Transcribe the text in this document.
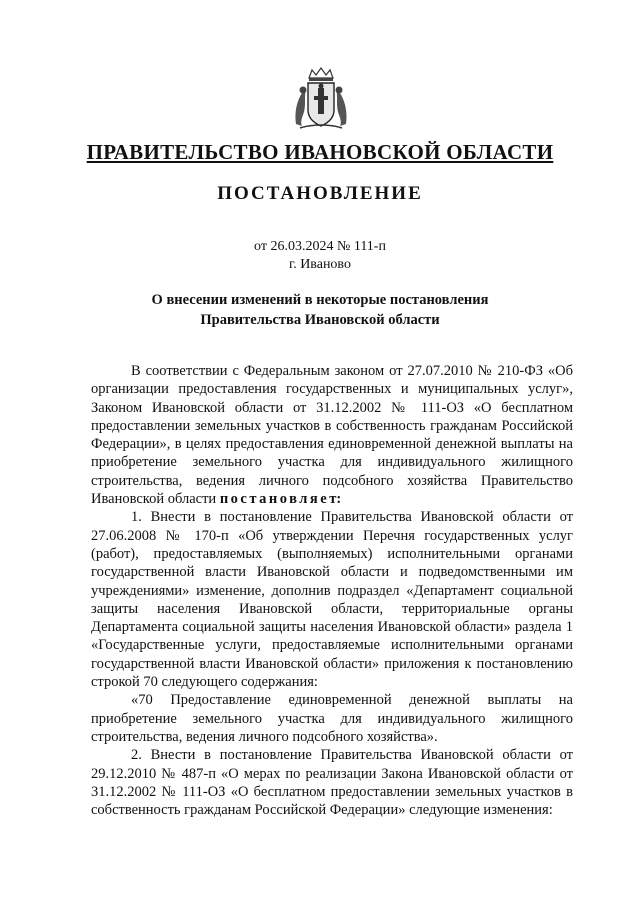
ПРАВИТЕЛЬСТВО ИВАНОВСКОЙ ОБЛАСТИ
ПОСТАНОВЛЕНИЕ
от 26.03.2024 № 111-п
г. Иваново
О внесении изменений в некоторые постановления
Правительства Ивановской области

В соответствии с Федеральным законом от 27.07.2010 № 210-ФЗ «Об организации предоставления государственных и муниципальных услуг», Законом Ивановской области от 31.12.2002 № 111-ОЗ «О бесплатном предоставлении земельных участков в собственность гражданам Российской Федерации», в целях предоставления единовременной денежной выплаты на приобретение земельного участка для индивидуального жилищного строительства, ведения личного подсобного хозяйства Правительство Ивановской области постановляет:

1. Внести в постановление Правительства Ивановской области от 27.06.2008 № 170-п «Об утверждении Перечня государственных услуг (работ), предоставляемых (выполняемых) исполнительными органами государственной власти Ивановской области и подведомственными им учреждениями» изменение, дополнив подраздел «Департамент социальной защиты населения Ивановской области, территориальные органы Департамента социальной защиты населения Ивановской области» раздела 1 «Государственные услуги, предоставляемые исполнительными органами государственной власти Ивановской области» приложения к постановлению строкой 70 следующего содержания:

«70 Предоставление единовременной денежной выплаты на приобретение земельного участка для индивидуального жилищного строительства, ведения личного подсобного хозяйства».

2. Внести в постановление Правительства Ивановской области от 29.12.2010 № 487-п «О мерах по реализации Закона Ивановской области от 31.12.2002 № 111-ОЗ «О бесплатном предоставлении земельных участков в собственность гражданам Российской Федерации» следующие изменения:
